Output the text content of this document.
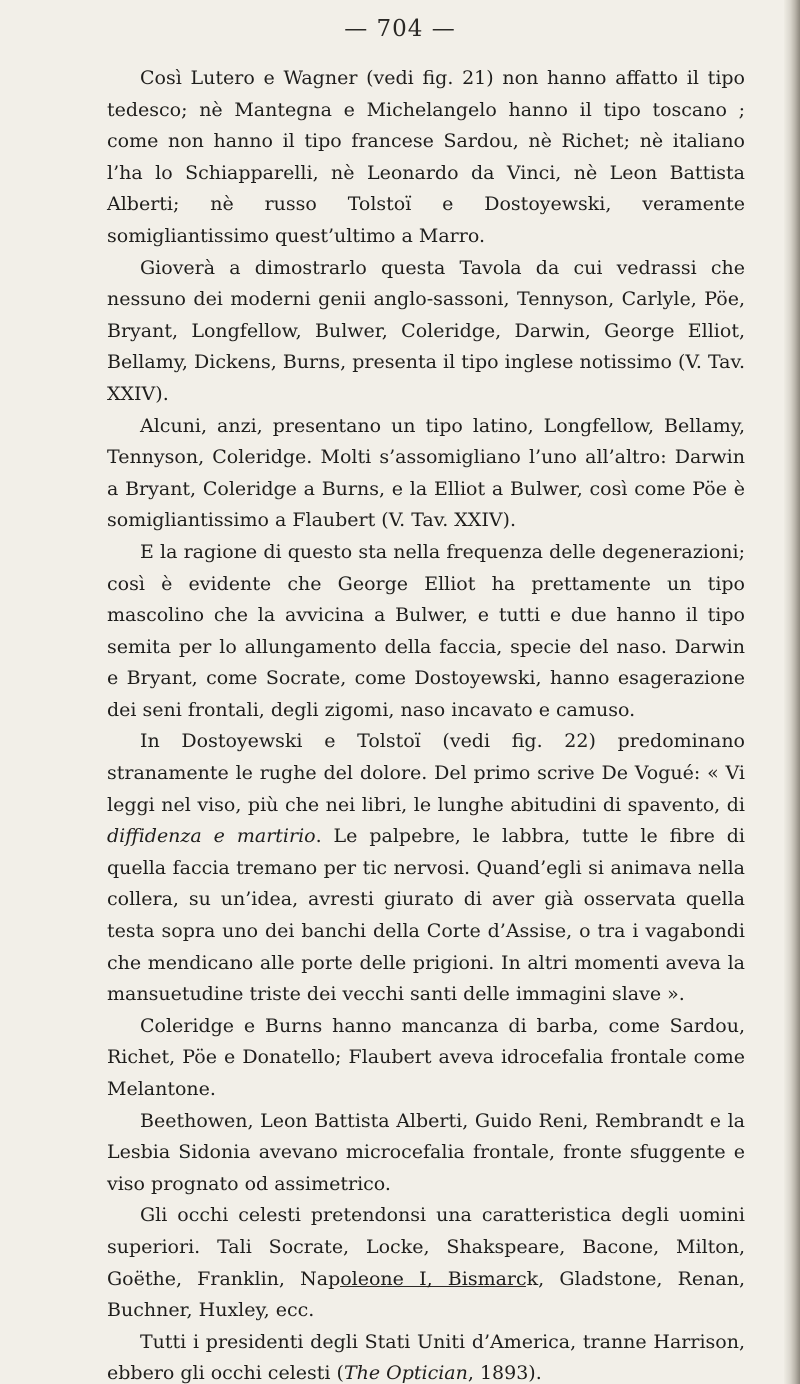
— 704 —

Così Lutero e Wagner (vedi fig. 21) non hanno affatto il tipo tedesco; nè Mantegna e Michelangelo hanno il tipo toscano ; come non hanno il tipo francese Sardou, nè Richet; nè italiano l’ha lo Schiapparelli, nè Leonardo da Vinci, nè Leon Battista Alberti; nè russo Tolstoï e Dostoyewski, veramente somigliantissimo quest’ultimo a Marro.

Gioverà a dimostrarlo questa Tavola da cui vedrassi che nessuno dei moderni genii anglo-sassoni, Tennyson, Carlyle, Pöe, Bryant, Longfellow, Bulwer, Coleridge, Darwin, George Elliot, Bellamy, Dickens, Burns, presenta il tipo inglese notissimo (V. Tav. XXIV).

Alcuni, anzi, presentano un tipo latino, Longfellow, Bellamy, Tennyson, Coleridge. Molti s’assomigliano l’uno all’altro: Darwin a Bryant, Coleridge a Burns, e la Elliot a Bulwer, così come Pöe è somigliantissimo a Flaubert (V. Tav. XXIV).

E la ragione di questo sta nella frequenza delle degenerazioni; così è evidente che George Elliot ha prettamente un tipo mascolino che la avvicina a Bulwer, e tutti e due hanno il tipo semita per lo allungamento della faccia, specie del naso. Darwin e Bryant, come Socrate, come Dostoyewski, hanno esagerazione dei seni frontali, degli zigomi, naso incavato e camuso.

In Dostoyewski e Tolstoï (vedi fig. 22) predominano stranamente le rughe del dolore. Del primo scrive De Vogué: « Vi leggi nel viso, più che nei libri, le lunghe abitudini di spavento, di diffidenza e martirio. Le palpebre, le labbra, tutte le fibre di quella faccia tremano per tic nervosi. Quand’egli si animava nella collera, su un’idea, avresti giurato di aver già osservata quella testa sopra uno dei banchi della Corte d’Assise, o tra i vagabondi che mendicano alle porte delle prigioni. In altri momenti aveva la mansuetudine triste dei vecchi santi delle immagini slave ».

Coleridge e Burns hanno mancanza di barba, come Sardou, Richet, Pöe e Donatello; Flaubert aveva idrocefalia frontale come Melantone.

Beethowen, Leon Battista Alberti, Guido Reni, Rembrandt e la Lesbia Sidonia avevano microcefalia frontale, fronte sfuggente e viso prognato od assimetrico.

Gli occhi celesti pretendonsi una caratteristica degli uomini superiori. Tali Socrate, Locke, Shakspeare, Bacone, Milton, Goëthe, Franklin, Napoleone I, Bismarck, Gladstone, Renan, Buchner, Huxley, ecc.

Tutti i presidenti degli Stati Uniti d’America, tranne Harrison, ebbero gli occhi celesti (The Optician, 1893).
